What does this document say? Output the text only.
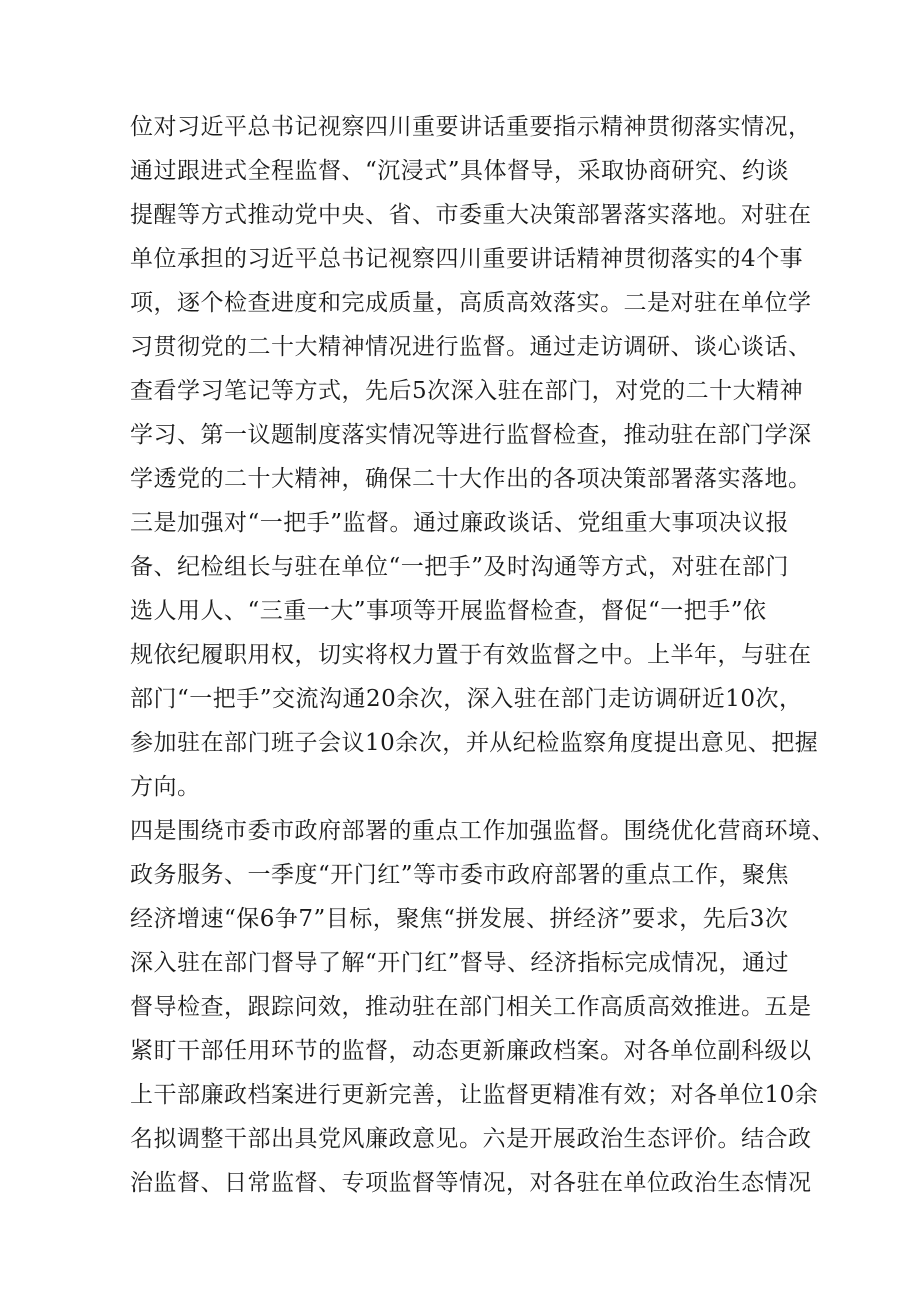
位对习近平总书记视察四川重要讲话重要指示精神贯彻落实情况，
通过跟进式全程监督、“沉浸式”具体督导，采取协商研究、约谈
提醒等方式推动党中央、省、市委重大决策部署落实落地。对驻在
单位承担的习近平总书记视察四川重要讲话精神贯彻落实的4个事
项，逐个检查进度和完成质量，高质高效落实。二是对驻在单位学
习贯彻党的二十大精神情况进行监督。通过走访调研、谈心谈话、
查看学习笔记等方式，先后5次深入驻在部门，对党的二十大精神
学习、第一议题制度落实情况等进行监督检查，推动驻在部门学深
学透党的二十大精神，确保二十大作出的各项决策部署落实落地。
三是加强对“一把手”监督。通过廉政谈话、党组重大事项决议报
备、纪检组长与驻在单位“一把手”及时沟通等方式，对驻在部门
选人用人、“三重一大”事项等开展监督检查，督促“一把手”依
规依纪履职用权，切实将权力置于有效监督之中。上半年，与驻在
部门“一把手”交流沟通20余次，深入驻在部门走访调研近10次，
参加驻在部门班子会议10余次，并从纪检监察角度提出意见、把握
方向。
四是围绕市委市政府部署的重点工作加强监督。围绕优化营商环境、
政务服务、一季度“开门红”等市委市政府部署的重点工作，聚焦
经济增速“保6争7”目标，聚焦“拼发展、拼经济”要求，先后3次
深入驻在部门督导了解“开门红”督导、经济指标完成情况，通过
督导检查，跟踪问效，推动驻在部门相关工作高质高效推进。五是
紧盯干部任用环节的监督，动态更新廉政档案。对各单位副科级以
上干部廉政档案进行更新完善，让监督更精准有效；对各单位10余
名拟调整干部出具党风廉政意见。六是开展政治生态评价。结合政
治监督、日常监督、专项监督等情况，对各驻在单位政治生态情况
